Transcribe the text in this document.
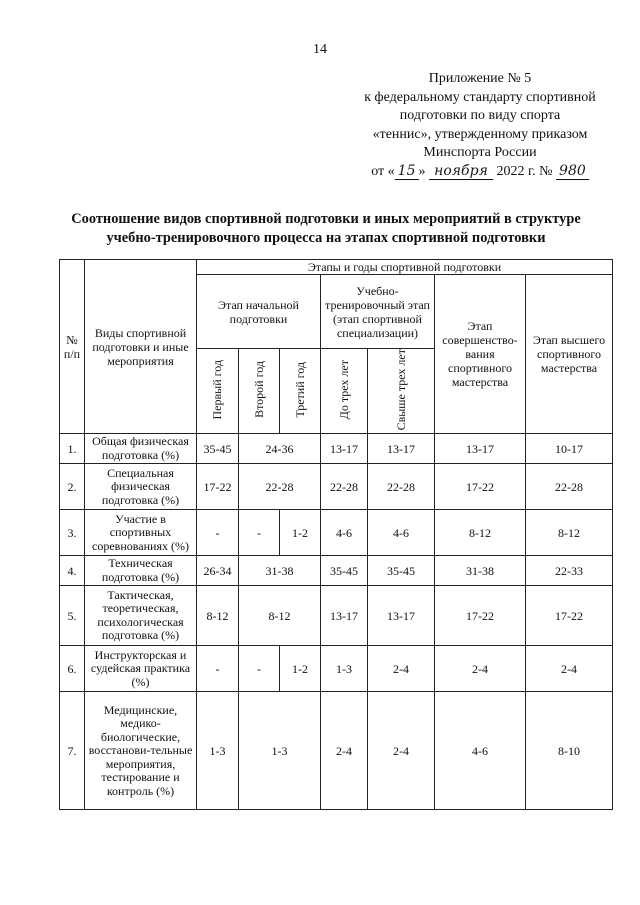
14
Приложение № 5
к федеральному стандарту спортивной
подготовки по виду спорта
«теннис», утвержденному приказом
Минспорта России
от « 15 » ноября 2022 г. № 980
Соотношение видов спортивной подготовки и иных мероприятий в структуре
учебно-тренировочного процесса на этапах спортивной подготовки
№ п/п	Виды спортивной подготовки и иные мероприятия	Этапы и годы спортивной подготовки						
		Этап начальной подготовки			Учебно-тренировочный этап (этап спортивной специализации)		Этап совершенство-вания спортивного мастерства	Этап высшего спортивного мастерства
		Первый год	Второй год	Третий год	До трех лет	Свыше трех лет		
1.	Общая физическая подготовка (%)	35-45	24-36		13-17	13-17	13-17	10-17
2.	Специальная физическая подготовка (%)	17-22	22-28		22-28	22-28	17-22	22-28
3.	Участие в спортивных соревнованиях (%)	-	-	1-2	4-6	4-6	8-12	8-12
4.	Техническая подготовка (%)	26-34	31-38		35-45	35-45	31-38	22-33
5.	Тактическая, теоретическая, психологическая подготовка (%)	8-12	8-12		13-17	13-17	17-22	17-22
6.	Инструкторская и судейская практика (%)	-	-	1-2	1-3	2-4	2-4	2-4
7.	Медицинские, медико-биологические, восстанови-тельные мероприятия, тестирование и контроль (%)	1-3	1-3		2-4	2-4	4-6	8-10
